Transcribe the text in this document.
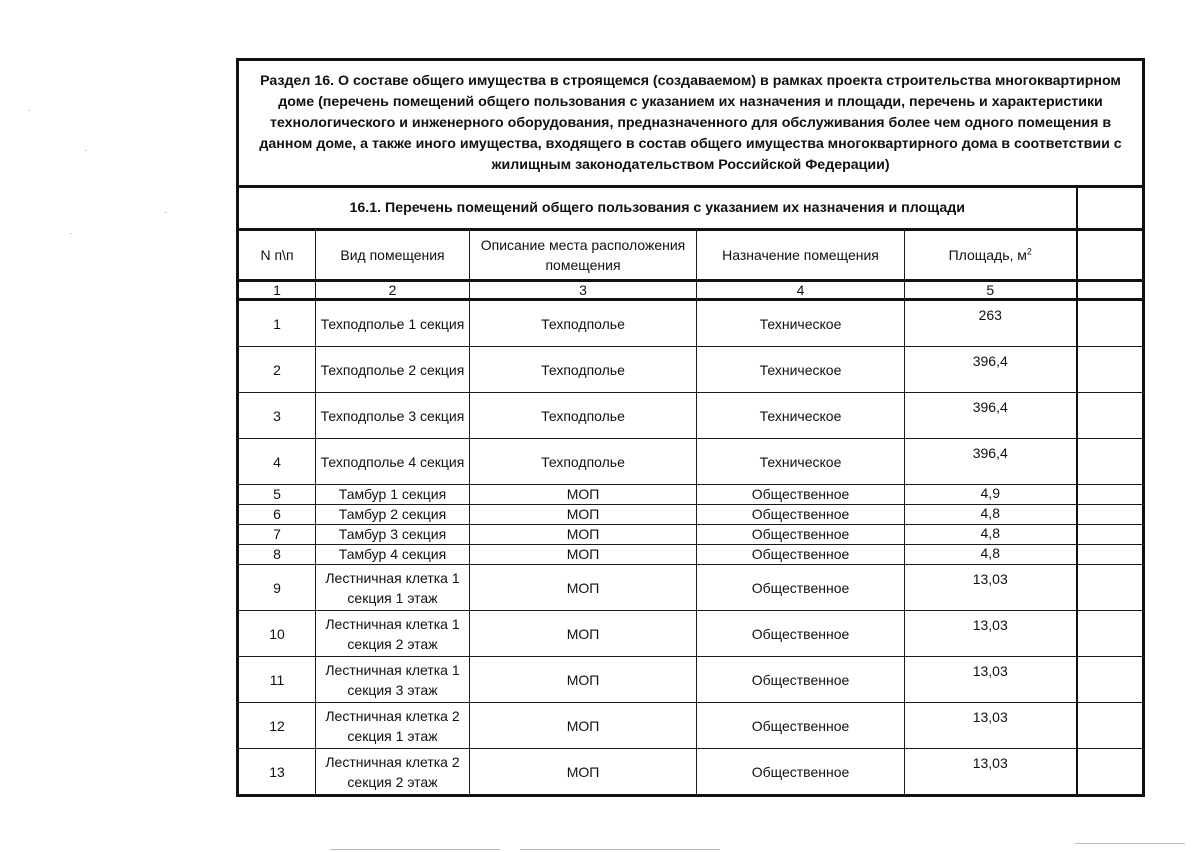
Раздел 16. О составе общего имущества в строящемся (создаваемом) в рамках проекта строительства многоквартирном доме (перечень помещений общего пользования с указанием их назначения и площади, перечень и характеристики технологического и инженерного оборудования, предназначенного для обслуживания более чем одного помещения в данном доме, а также иного имущества, входящего в состав общего имущества многоквартирного дома в соответствии с жилищным законодательством Российской Федерации)					
16.1. Перечень помещений общего пользования с указанием их назначения и площади					
N п\п	Вид помещения	Описание места расположения помещения	Назначение помещения	Площадь, $м^2$	
1	2	3	4	5	
1	Техподполье 1 секция	Техподполье	Техническое	263	
2	Техподполье 2 секция	Техподполье	Техническое	396,4	
3	Техподполье 3 секция	Техподполье	Техническое	396,4	
4	Техподполье 4 секция	Техподполье	Техническое	396,4	
5	Тамбур 1 секция	МОП	Общественное	4,9	
6	Тамбур 2 секция	МОП	Общественное	4,8	
7	Тамбур 3 секция	МОП	Общественное	4,8	
8	Тамбур 4 секция	МОП	Общественное	4,8	
9	Лестничная клетка 1 секция 1 этаж	МОП	Общественное	13,03	
10	Лестничная клетка 1 секция 2 этаж	МОП	Общественное	13,03	
11	Лестничная клетка 1 секция 3 этаж	МОП	Общественное	13,03	
12	Лестничная клетка 2 секция 1 этаж	МОП	Общественное	13,03	
13	Лестничная клетка 2 секция 2 этаж	МОП	Общественное	13,03	
